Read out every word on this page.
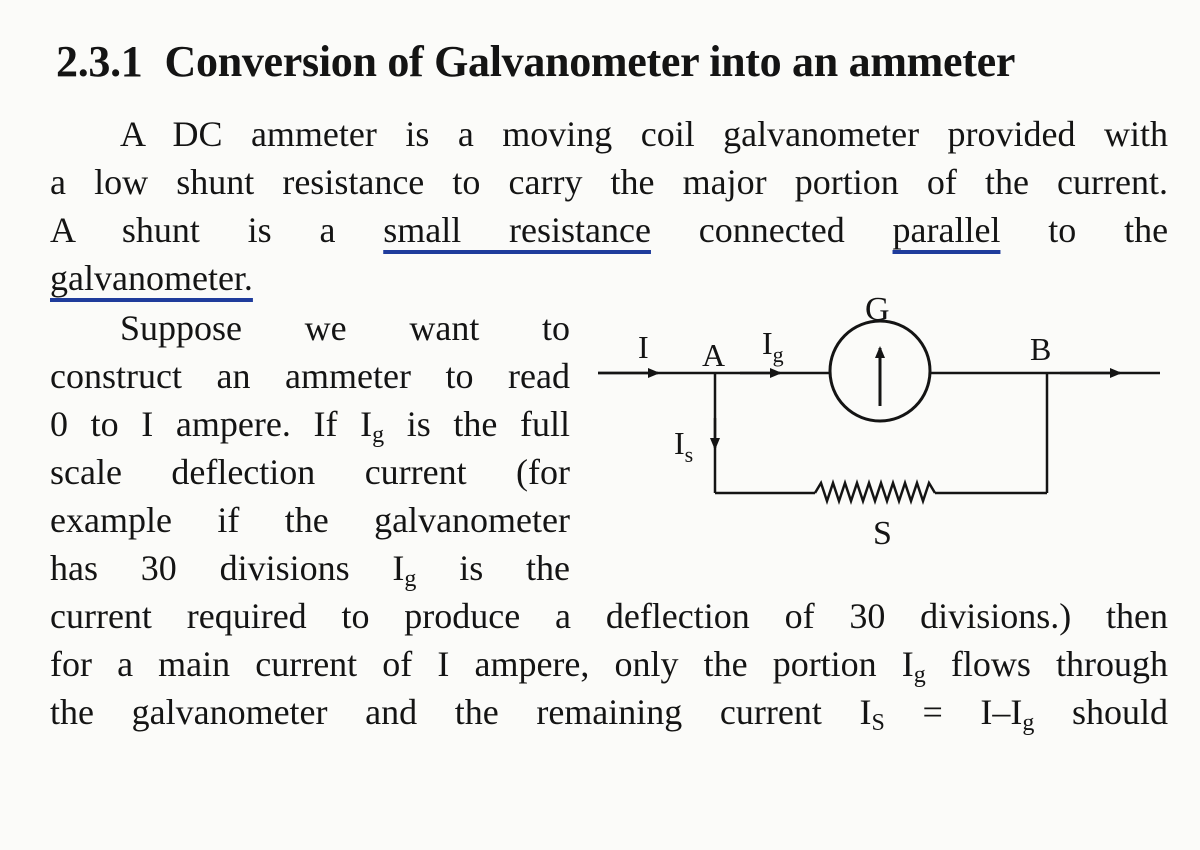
2.3.1 Conversion of Galvanometer into an ammeter
A DC ammeter is a moving coil galvanometer provided with
a low shunt resistance to carry the major portion of the current.
A shunt is a small resistance connected parallel to the
galvanometer.
Suppose we want to
construct an ammeter to read
0 to I ampere. If $I_g$ is the full
scale deflection current (for
example if the galvanometer
has 30 divisions $I_g$ is the
current required to produce a deflection of 30 divisions.) then
for a main current of I ampere, only the portion $I_g$ flows through
the galvanometer and the remaining current $I_S = I-I_g$ should
G
I A $I_g$	B
$I_s$
S
